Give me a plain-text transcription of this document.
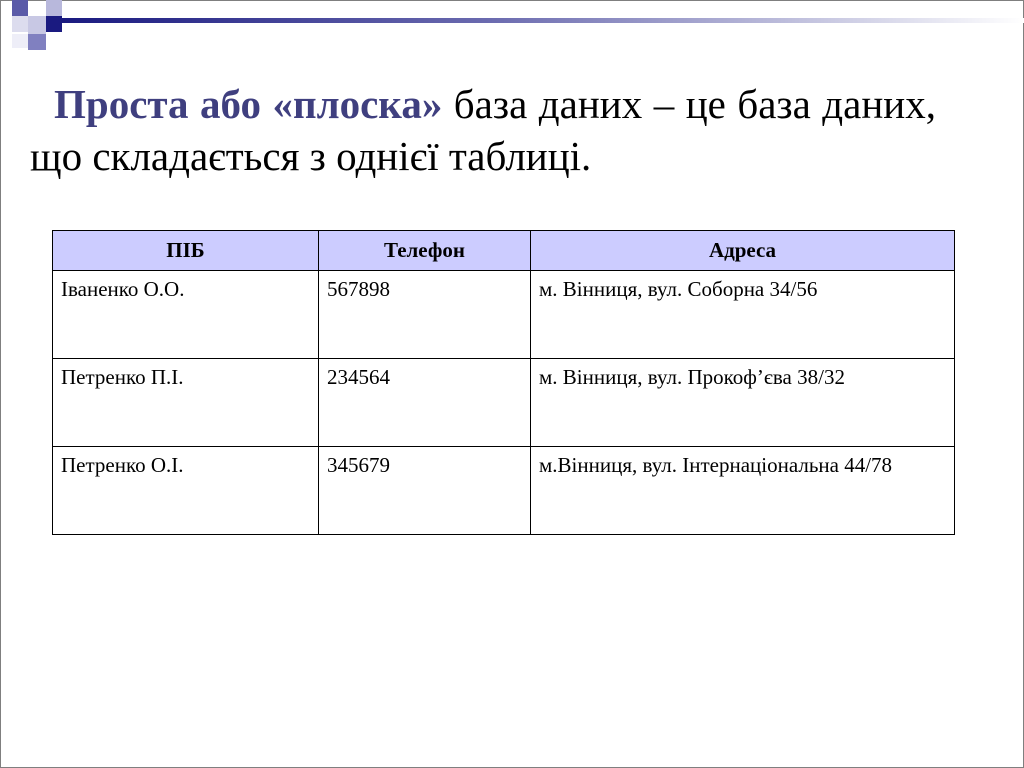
Проста або «плоска» база даних – це база даних, що складається з однієї таблиці.

ПІБ	Телефон	Адреса
Іваненко О.О.	567898	м. Вінниця, вул. Соборна 34/56
Петренко П.І.	234564	м. Вінниця, вул. Прокоф’єва 38/32
Петренко О.І.	345679	м.Вінниця, вул. Інтернаціональна 44/78
